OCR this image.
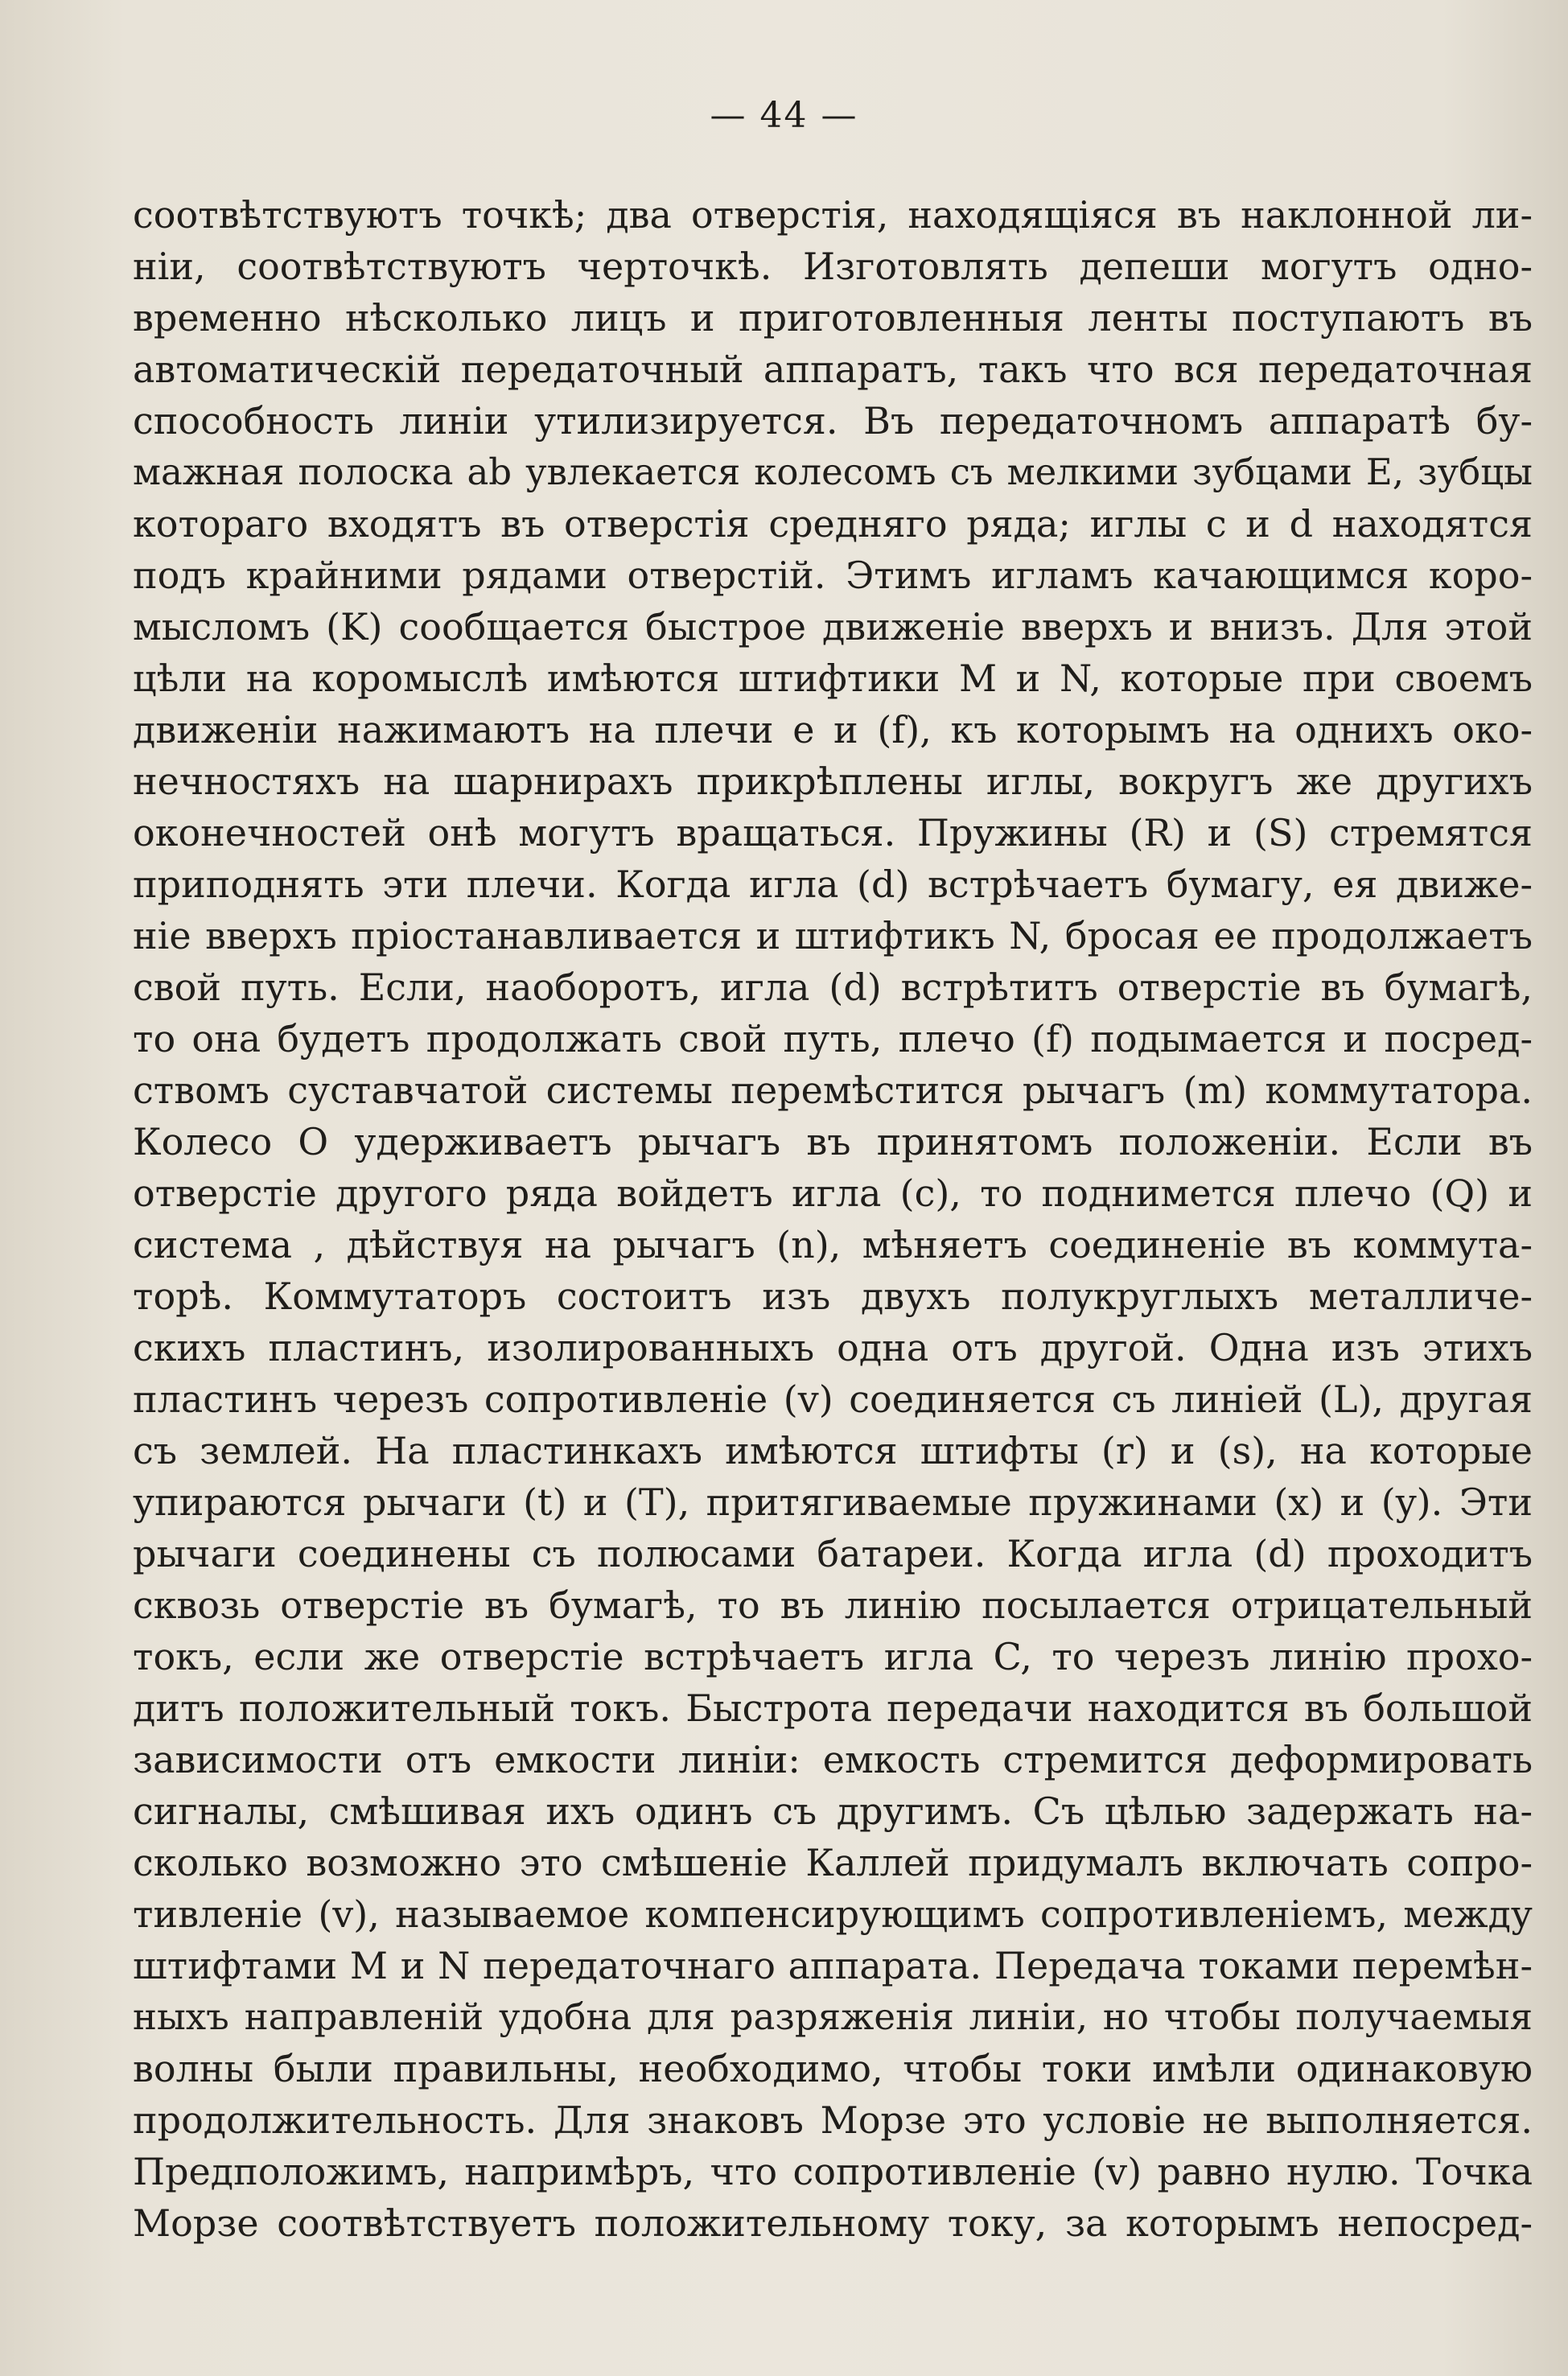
— 44 —
соотвѣтствуютъ точкѣ; два отверстія, находящіяся въ наклонной ли-
ніи, соотвѣтствуютъ черточкѣ. Изготовлять депеши могутъ одно-
временно нѣсколько лицъ и приготовленныя ленты поступаютъ въ
автоматическій передаточный аппаратъ, такъ что вся передаточная
способность линіи утилизируется. Въ передаточномъ аппаратѣ бу-
мажная полоска ab увлекается колесомъ съ мелкими зубцами E, зубцы
котораго входятъ въ отверстія средняго ряда; иглы c и d находятся
подъ крайними рядами отверстій. Этимъ игламъ качающимся коро-
мысломъ (K) сообщается быстрое движеніе вверхъ и внизъ. Для этой
цѣли на коромыслѣ имѣются штифтики M и N, которые при своемъ
движеніи нажимаютъ на плечи e и (f), къ которымъ на однихъ око-
нечностяхъ на шарнирахъ прикрѣплены иглы, вокругъ же другихъ
оконечностей онѣ могутъ вращаться. Пружины (R) и (S) стремятся
приподнять эти плечи. Когда игла (d) встрѣчаетъ бумагу, ея движе-
ніе вверхъ пріостанавливается и штифтикъ N, бросая ее продолжаетъ
свой путь. Если, наоборотъ, игла (d) встрѣтитъ отверстіе въ бумагѣ,
то она будетъ продолжать свой путь, плечо (f) подымается и посред-
ствомъ суставчатой системы перемѣстится рычагъ (m) коммутатора.
Колесо O удерживаетъ рычагъ въ принятомъ положеніи. Если въ
отверстіе другого ряда войдетъ игла (c), то поднимется плечо (Q) и
система , дѣйствуя на рычагъ (n), мѣняетъ соединеніе въ коммута-
торѣ. Коммутаторъ состоитъ изъ двухъ полукруглыхъ металличе-
скихъ пластинъ, изолированныхъ одна отъ другой. Одна изъ этихъ
пластинъ черезъ сопротивленіе (v) соединяется съ линіей (L), другая
съ землей. На пластинкахъ имѣются штифты (r) и (s), на которые
упираются рычаги (t) и (T), притягиваемые пружинами (x) и (y). Эти
рычаги соединены съ полюсами батареи. Когда игла (d) проходитъ
сквозь отверстіе въ бумагѣ, то въ линію посылается отрицательный
токъ, если же отверстіе встрѣчаетъ игла C, то черезъ линію прохо-
дитъ положительный токъ. Быстрота передачи находится въ большой
зависимости отъ емкости линіи: емкость стремится деформировать
сигналы, смѣшивая ихъ одинъ съ другимъ. Съ цѣлью задержать на-
сколько возможно это смѣшеніе Каллей придумалъ включать сопро-
тивленіе (v), называемое компенсирующимъ сопротивленіемъ, между
штифтами M и N передаточнаго аппарата. Передача токами перемѣн-
ныхъ направленій удобна для разряженія линіи, но чтобы получаемыя
волны были правильны, необходимо, чтобы токи имѣли одинаковую
продолжительность. Для знаковъ Морзе это условіе не выполняется.
Предположимъ, напримѣръ, что сопротивленіе (v) равно нулю. Точка
Морзе соотвѣтствуетъ положительному току, за которымъ непосред-
